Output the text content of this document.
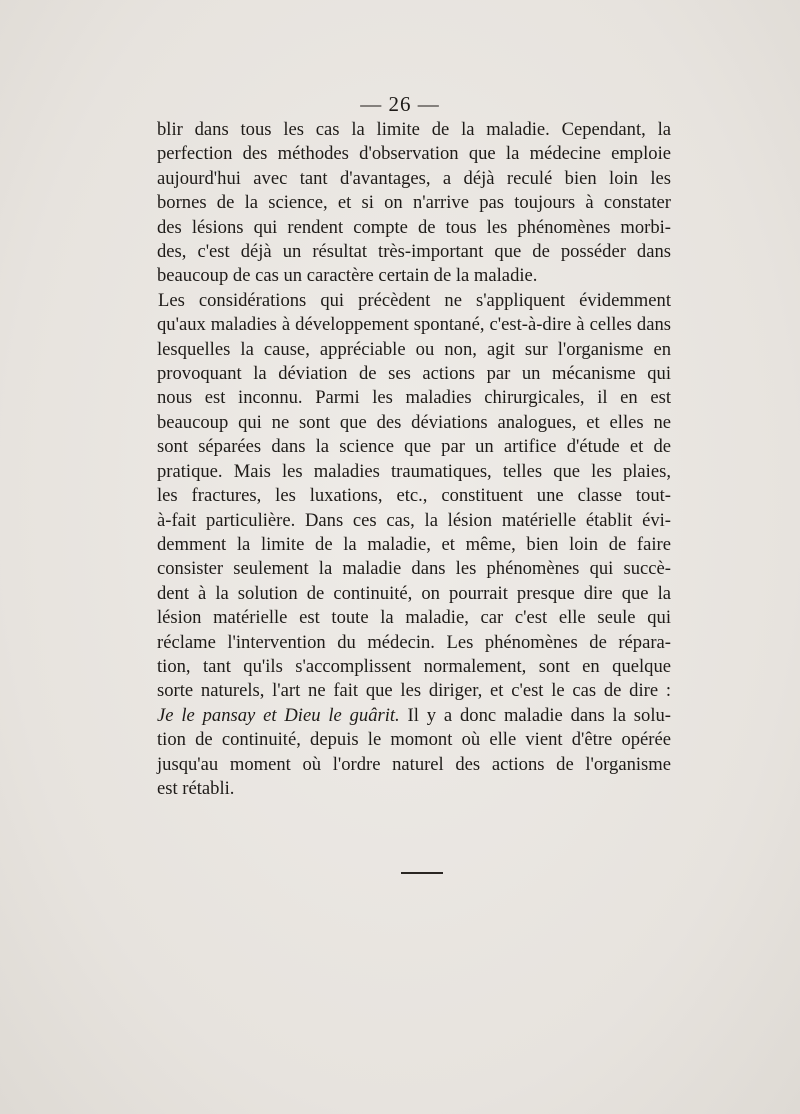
— 26 —
blir dans tous les cas la limite de la maladie. Cependant, la
perfection des méthodes d'observation que la médecine emploie
aujourd'hui avec tant d'avantages, a déjà reculé bien loin les
bornes de la science, et si on n'arrive pas toujours à constater
des lésions qui rendent compte de tous les phénomènes morbi-
des, c'est déjà un résultat très-important que de posséder dans
beaucoup de cas un caractère certain de la maladie.
Les considérations qui précèdent ne s'appliquent évidemment
qu'aux maladies à développement spontané, c'est-à-dire à celles dans
lesquelles la cause, appréciable ou non, agit sur l'organisme en
provoquant la déviation de ses actions par un mécanisme qui
nous est inconnu. Parmi les maladies chirurgicales, il en est
beaucoup qui ne sont que des déviations analogues, et elles ne
sont séparées dans la science que par un artifice d'étude et de
pratique. Mais les maladies traumatiques, telles que les plaies,
les fractures, les luxations, etc., constituent une classe tout-
à-fait particulière. Dans ces cas, la lésion matérielle établit évi-
demment la limite de la maladie, et même, bien loin de faire
consister seulement la maladie dans les phénomènes qui succè-
dent à la solution de continuité, on pourrait presque dire que la
lésion matérielle est toute la maladie, car c'est elle seule qui
réclame l'intervention du médecin. Les phénomènes de répara-
tion, tant qu'ils s'accomplissent normalement, sont en quelque
sorte naturels, l'art ne fait que les diriger, et c'est le cas de dire :
Je le pansay et Dieu le guârit. Il y a donc maladie dans la solu-
tion de continuité, depuis le momont où elle vient d'être opérée
jusqu'au moment où l'ordre naturel des actions de l'organisme
est rétabli.
